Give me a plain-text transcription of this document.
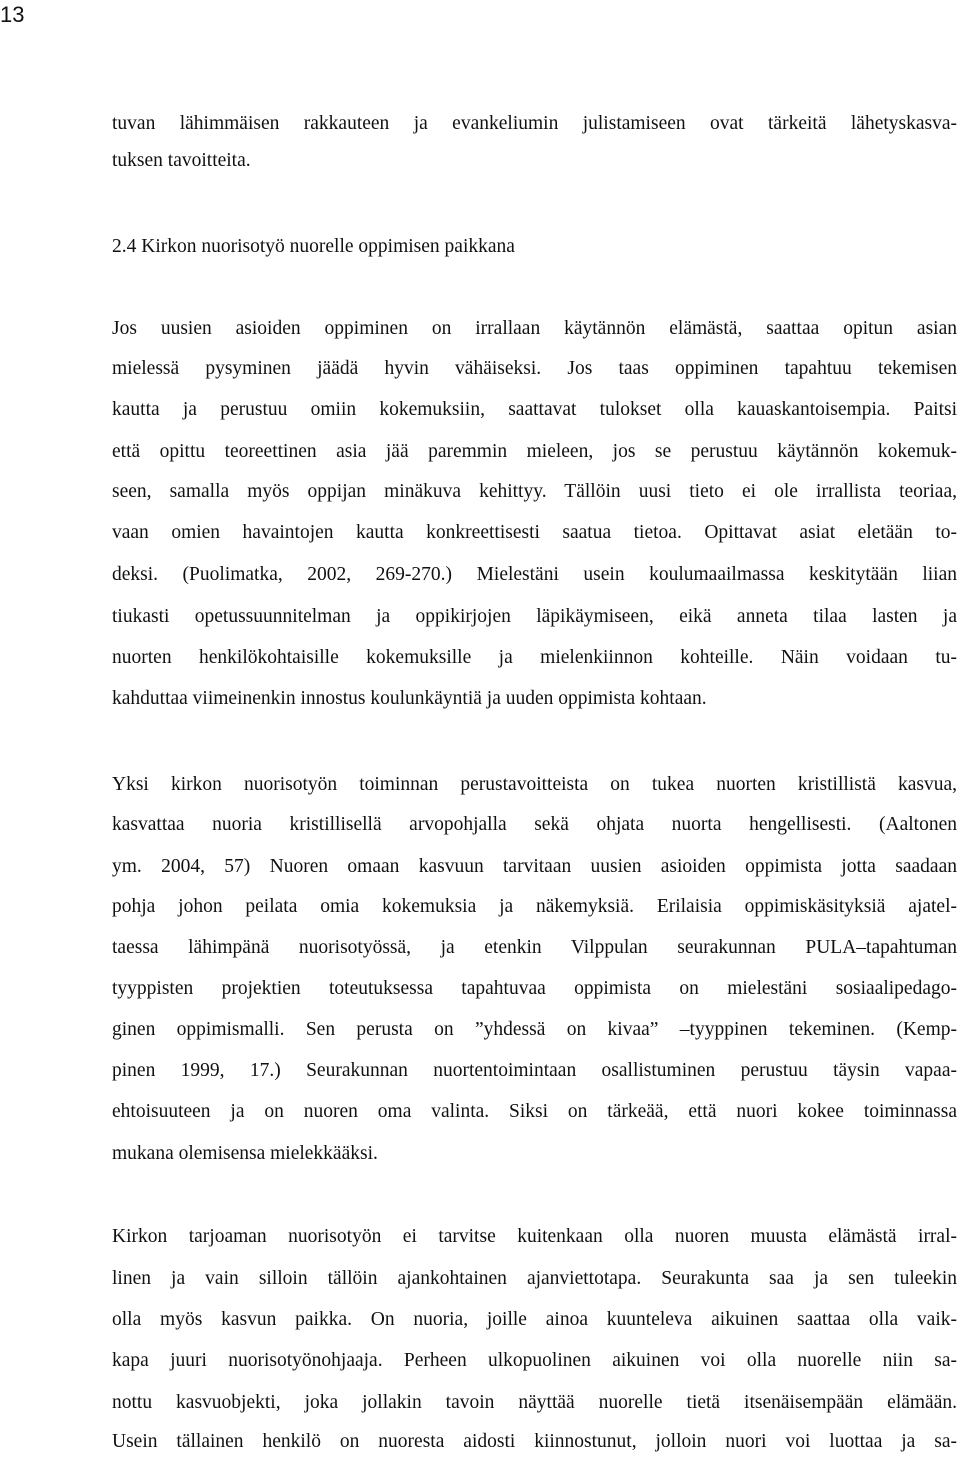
13
tuvan lähimmäisen rakkauteen ja evankeliumin julistamiseen ovat tärkeitä lähetyskasva-
tuksen tavoitteita.
2.4 Kirkon nuorisotyö nuorelle oppimisen paikkana
Jos uusien asioiden oppiminen on irrallaan käytännön elämästä, saattaa opitun asian
mielessä pysyminen jäädä hyvin vähäiseksi. Jos taas oppiminen tapahtuu tekemisen
kautta ja perustuu omiin kokemuksiin, saattavat tulokset olla kauaskantoisempia. Paitsi
että opittu teoreettinen asia jää paremmin mieleen, jos se perustuu käytännön kokemuk-
seen, samalla myös oppijan minäkuva kehittyy. Tällöin uusi tieto ei ole irrallista teoriaa,
vaan omien havaintojen kautta konkreettisesti saatua tietoa. Opittavat asiat eletään to-
deksi. (Puolimatka, 2002, 269-270.) Mielestäni usein koulumaailmassa keskitytään liian
tiukasti opetussuunnitelman ja oppikirjojen läpikäymiseen, eikä anneta tilaa lasten ja
nuorten henkilökohtaisille kokemuksille ja mielenkiinnon kohteille. Näin voidaan tu-
kahduttaa viimeinenkin innostus koulunkäyntiä ja uuden oppimista kohtaan.
Yksi kirkon nuorisotyön toiminnan perustavoitteista on tukea nuorten kristillistä kasvua,
kasvattaa nuoria kristillisellä arvopohjalla sekä ohjata nuorta hengellisesti. (Aaltonen
ym. 2004, 57) Nuoren omaan kasvuun tarvitaan uusien asioiden oppimista jotta saadaan
pohja johon peilata omia kokemuksia ja näkemyksiä. Erilaisia oppimiskäsityksiä ajatel-
taessa lähimpänä nuorisotyössä, ja etenkin Vilppulan seurakunnan PULA–tapahtuman
tyyppisten projektien toteutuksessa tapahtuvaa oppimista on mielestäni sosiaalipedago-
ginen oppimismalli. Sen perusta on ”yhdessä on kivaa” –tyyppinen tekeminen. (Kemp-
pinen 1999, 17.) Seurakunnan nuortentoimintaan osallistuminen perustuu täysin vapaa-
ehtoisuuteen ja on nuoren oma valinta. Siksi on tärkeää, että nuori kokee toiminnassa
mukana olemisensa mielekkääksi.
Kirkon tarjoaman nuorisotyön ei tarvitse kuitenkaan olla nuoren muusta elämästä irral-
linen ja vain silloin tällöin ajankohtainen ajanviettotapa. Seurakunta saa ja sen tuleekin
olla myös kasvun paikka. On nuoria, joille ainoa kuunteleva aikuinen saattaa olla vaik-
kapa juuri nuorisotyönohjaaja. Perheen ulkopuolinen aikuinen voi olla nuorelle niin sa-
nottu kasvuobjekti, joka jollakin tavoin näyttää nuorelle tietä itsenäisempään elämään.
Usein tällainen henkilö on nuoresta aidosti kiinnostunut, jolloin nuori voi luottaa ja sa-
